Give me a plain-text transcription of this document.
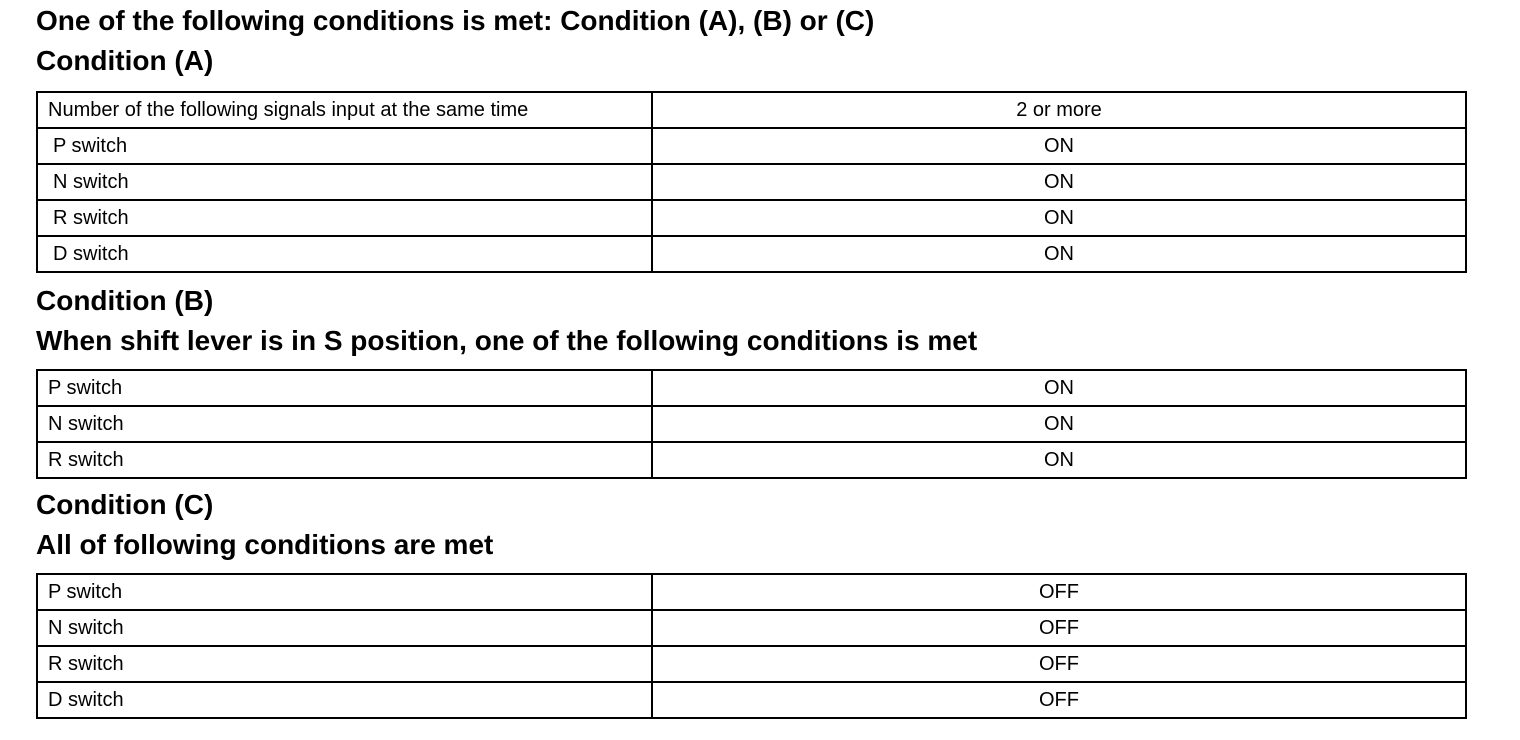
One of the following conditions is met: Condition (A), (B) or (C)
Condition (A)
Number of the following signals input at the same time	2 or more
P switch	ON
N switch	ON
R switch	ON
D switch	ON
Condition (B)
When shift lever is in S position, one of the following conditions is met
P switch	ON
N switch	ON
R switch	ON
Condition (C)
All of following conditions are met
P switch	OFF
N switch	OFF
R switch	OFF
D switch	OFF
